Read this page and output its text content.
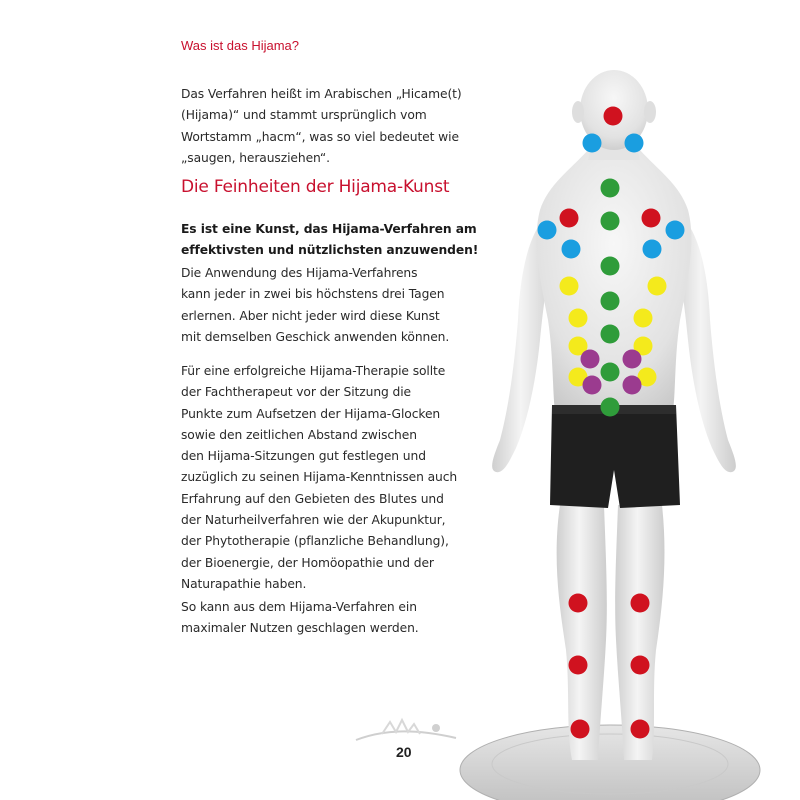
Was ist das Hijama?

Das Verfahren heißt im Arabischen „Hicame(t)

(Hijama)“ und stammt ursprünglich vom

Wortstamm „hacm“, was so viel bedeutet wie

„saugen, herausziehen“.

Die Feinheiten der Hijama-Kunst

Es ist eine Kunst, das Hijama-Verfahren am

effektivsten und nützlichsten anzuwenden!

Die Anwendung des Hijama-Verfahrens

kann jeder in zwei bis höchstens drei Tagen

erlernen. Aber nicht jeder wird diese Kunst

mit demselben Geschick anwenden können.

Für eine erfolgreiche Hijama-Therapie sollte

der Fachtherapeut vor der Sitzung die

Punkte zum Aufsetzen der Hijama-Glocken

sowie den zeitlichen Abstand zwischen

den Hijama-Sitzungen gut festlegen und

zuzüglich zu seinen Hijama-Kenntnissen auch

Erfahrung auf den Gebieten des Blutes und

der Naturheilverfahren wie der Akupunktur,

der Phytotherapie (pflanzliche Behandlung),

der Bioenergie, der Homöopathie und der

Naturapathie haben.

So kann aus dem Hijama-Verfahren ein

maximaler Nutzen geschlagen werden.

20
